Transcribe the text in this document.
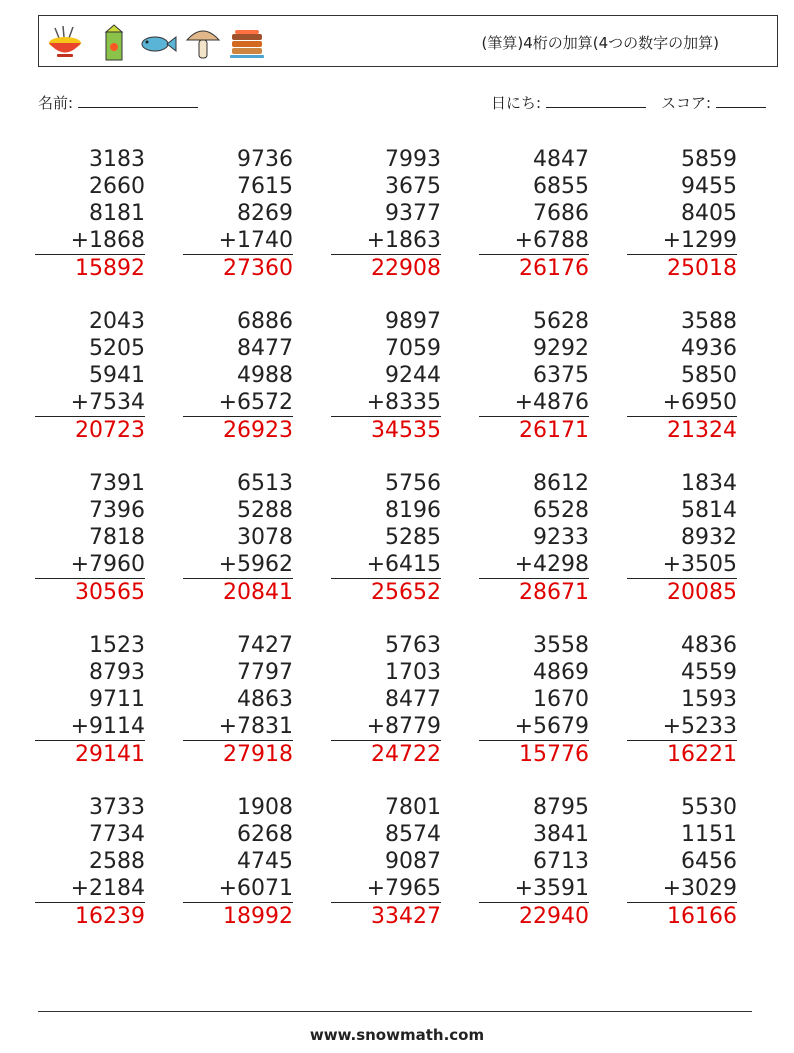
(筆算)4桁の加算(4つの数字の加算)
名前:	日にち:	スコア:
3183
2660
8181
+1868
15892
9736
7615
8269
+1740
27360
7993
3675
9377
+1863
22908
4847
6855
7686
+6788
26176
5859
9455
8405
+1299
25018
2043
5205
5941
+7534
20723
6886
8477
4988
+6572
26923
9897
7059
9244
+8335
34535
5628
9292
6375
+4876
26171
3588
4936
5850
+6950
21324
7391
7396
7818
+7960
30565
6513
5288
3078
+5962
20841
5756
8196
5285
+6415
25652
8612
6528
9233
+4298
28671
1834
5814
8932
+3505
20085
1523
8793
9711
+9114
29141
7427
7797
4863
+7831
27918
5763
1703
8477
+8779
24722
3558
4869
1670
+5679
15776
4836
4559
1593
+5233
16221
3733
7734
2588
+2184
16239
1908
6268
4745
+6071
18992
7801
8574
9087
+7965
33427
8795
3841
6713
+3591
22940
5530
1151
6456
+3029
16166
www.snowmath.com
